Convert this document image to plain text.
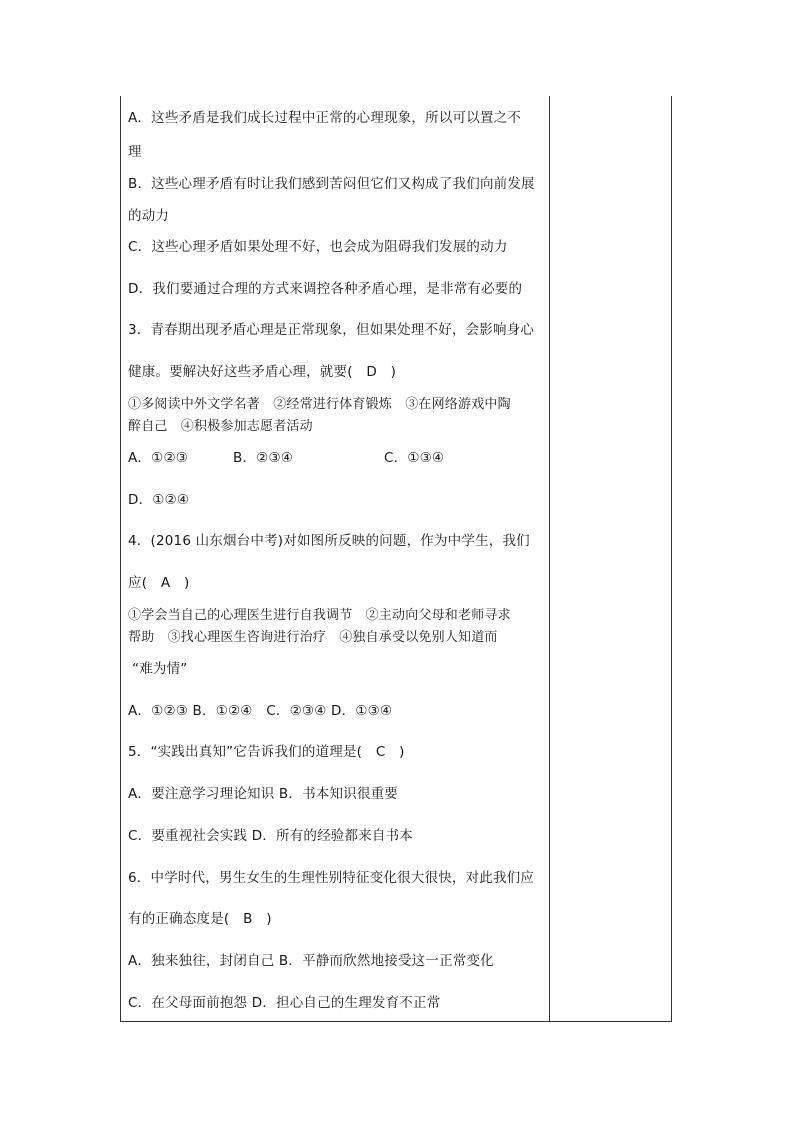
A．这些矛盾是我们成长过程中正常的心理现象，所以可以置之不
理
B．这些心理矛盾有时让我们感到苦闷但它们又构成了我们向前发展
的动力
C．这些心理矛盾如果处理不好，也会成为阻碍我们发展的动力
D．我们要通过合理的方式来调控各种矛盾心理，是非常有必要的
3．青春期出现矛盾心理是正常现象，但如果处理不好，会影响身心
健康。要解决好这些矛盾心理，就要(　D　)
①多阅读中外文学名著　②经常进行体育锻炼　③在网络游戏中陶
醉自己　④积极参加志愿者活动
A．①②③	B．②③④	C．①③④
D．①②④
4．(2016 山东烟台中考)对如图所反映的问题，作为中学生，我们
应(　A　)
①学会当自己的心理医生进行自我调节　②主动向父母和老师寻求
帮助　③找心理医生咨询进行治疗　④独自承受以免别人知道而
“难为情”
A．①②③ B．①②④　C．②③④ D．①③④
5．“实践出真知”它告诉我们的道理是(　C　)
A．要注意学习理论知识 B．书本知识很重要
C．要重视社会实践 D．所有的经验都来自书本
6．中学时代，男生女生的生理性别特征变化很大很快，对此我们应
有的正确态度是(　B　)
A．独来独往，封闭自己 B．平静而欣然地接受这一正常变化
C．在父母面前抱怨 D．担心自己的生理发育不正常
